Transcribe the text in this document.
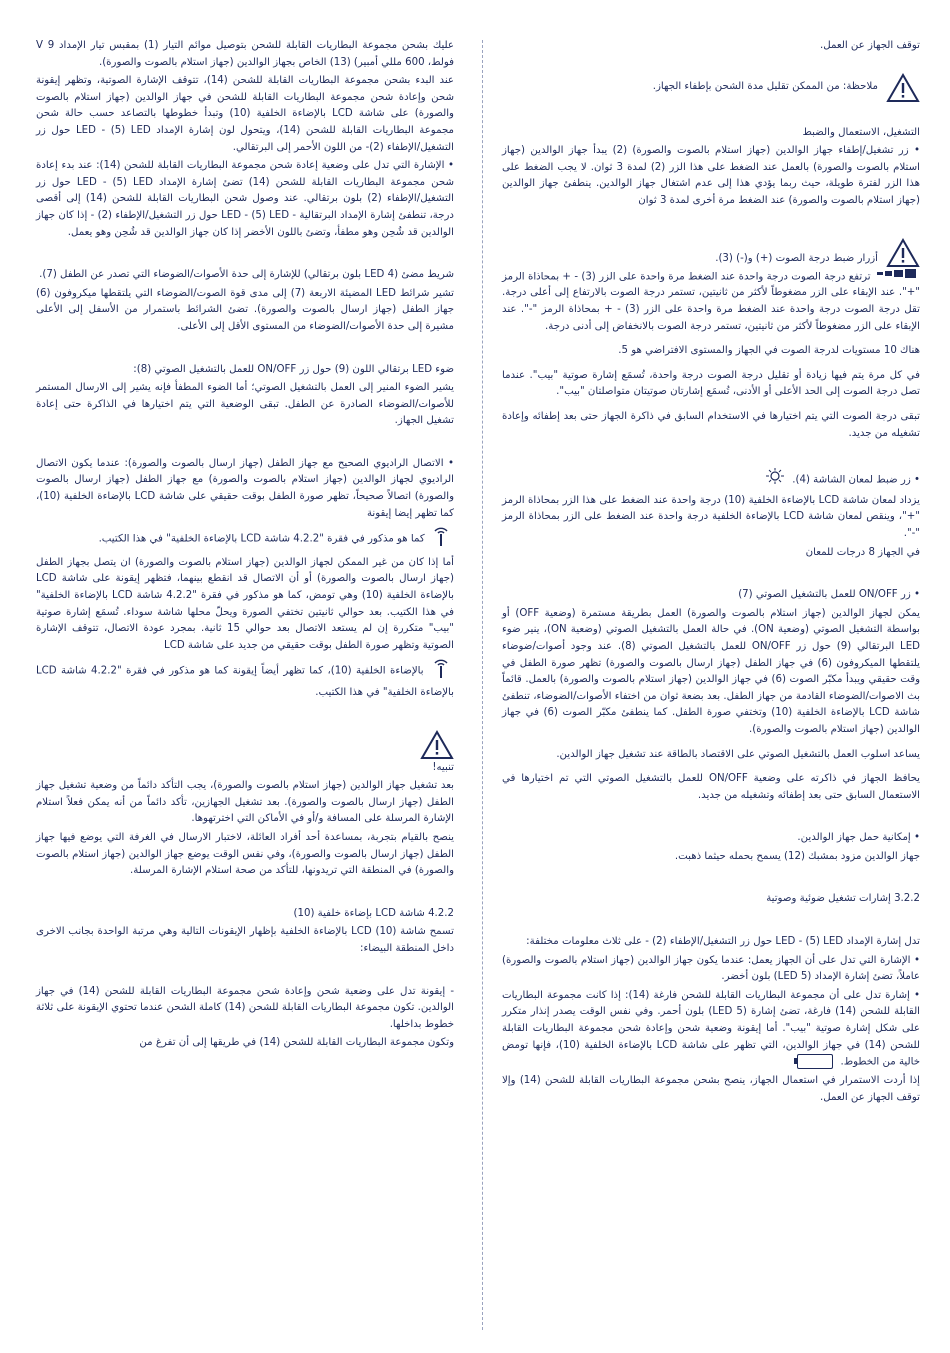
توقف الجهاز عن العمل.

ملاحظة: من الممكن تقليل مدة الشحن بإطفاء الجهاز.

التشغيل، الاستعمال والضبط

• زر تشغيل/إطفاء جهاز الوالدين (جهاز استلام بالصوت والصورة) (2) يبدأ جهاز الوالدين (جهاز استلام بالصوت والصورة) بالعمل عند الضغط على هذا الزر (2) لمدة 3 ثوان. لا يجب الضغط على هذا الزر لفترة طويلة، حيث ربما يؤدي هذا إلى عدم اشتغال جهاز الوالدين. ينطفئ جهاز الوالدين (جهاز استلام بالصوت والصورة) عند الضغط مرة أخرى لمدة 3 ثوان

أزرار ضبط درجة الصوت (+) و(-) (3).

ترتفع درجة الصوت درجة واحدة عند الضغط مرة واحدة على الزر (3) - + بمحاذاة الرمز "+". عند الإبقاء على الزر مضغوطاً لأكثر من ثانيتين، تستمر درجة الصوت بالارتفاع إلى أعلى درجة. تقل درجة الصوت درجة واحدة عند الضغط مرة واحدة على الزر (3) - + بمحاذاة الرمز "-". عند الإبقاء على الزر مضغوطاً لأكثر من ثانيتين، تستمر درجة الصوت بالانخفاض إلى أدنى درجة.

هناك 10 مستويات لدرجة الصوت في الجهاز والمستوى الافتراضي هو 5.

في كل مرة يتم فيها زيادة أو تقليل درجة الصوت درجة واحدة، تُسمَع إشارة صوتية "بيب". عندما تصل درجة الصوت إلى الحد الأعلى أو الأدنى، تُسمَع إشارتان صوتيتان متواصلتان "بيب".

تبقى درجة الصوت التي يتم اختيارها في الاستخدام السابق في ذاكرة الجهاز حتى بعد إطفائه وإعادة تشغيله من جديد.

• زر ضبط لمعان الشاشة (4).

يزداد لمعان شاشة LCD بالإضاءة الخلفية (10) درجة واحدة عند الضغط على هذا الزر بمحاذاة الرمز "+"، وينقص لمعان شاشة LCD بالإضاءة الخلفية درجة واحدة عند الضغط على الزر بمحاذاة الرمز "-".

في الجهاز 8 درجات للمعان

• زر ON/OFF للعمل بالتشغيل الصوتي (7)

يمكن لجهاز الوالدين (جهاز استلام بالصوت والصورة) العمل بطريقة مستمرة (وضعية OFF) أو بواسطة التشغيل الصوتي (وضعية ON). في حالة العمل بالتشغيل الصوتي (وضعية ON)، ينير ضوء LED البرتقالي (9) حول زر ON/OFF للعمل بالتشغيل الصوتي (8). عند وجود أصوات/ضوضاء يلتقطها الميكروفون (6) في جهاز الطفل (جهاز ارسال بالصوت والصورة) تظهر صورة الطفل في وقت حقيقي ويبدأ مكبّر الصوت (6) في جهاز الوالدين (جهاز استلام بالصوت والصورة) بالعمل. قائماً بث الاصوات/الضوضاء القادمة من جهاز الطفل. بعد بضعة ثوان من اختفاء الأصوات/الضوضاء، تنطفئ شاشة LCD بالإضاءة الخلفية (10) وتختفي صورة الطفل. كما ينطفئ مكبّر الصوت (6) في جهاز الوالدين (جهاز استلام بالصوت والصورة).

يساعد اسلوب العمل بالتشغيل الصوتي على الاقتصاد بالطاقة عند تشغيل جهاز الوالدين.

يحافظ الجهاز في ذاكرته على وضعية ON/OFF للعمل بالتشغيل الصوتي التي تم اختيارها في الاستعمال السابق حتى بعد إطفائه وتشغيله من جديد.

• إمكانية حمل جهاز الوالدين.

جهاز الوالدين مزود بمشبك (12) يسمح بحمله حيثما ذهبت.

3.2.2 إشارات تشغيل ضوئية وصوتية

تدل إشارة الإمداد LED - (5) LED حول زر التشغيل/الإطفاء (2) - على ثلاث معلومات مختلفة:

• الإشارة التي تدل على أن الجهاز يعمل: عندما يكون جهاز الوالدين (جهاز استلام بالصوت والصورة) عاملاً، تضئ إشارة الإمداد (5 LED) بلون أخضر.

• إشارة تدل على أن مجموعة البطاريات القابلة للشحن فارغة (14): إذا كانت مجموعة البطاريات القابلة للشحن (14) فارغة، تضئ إشارة (5 LED) بلون أحمر. وفي نفس الوقت يصدر إنذار متكرر على شكل إشارة صوتية "بيب". أما إيقونة وضعية شحن وإعادة شحن مجموعة البطاريات القابلة للشحن (14) في جهاز الوالدين، التي تظهر على شاشة LCD بالإضاءة الخلفية (10)، فإنها تومض خالية من الخطوط.

إذا أردت الاستمرار في استعمال الجهاز، ينصح بشحن مجموعة البطاريات القابلة للشحن (14) وإلا توقف الجهاز عن العمل.

عليك بشحن مجموعة البطاريات القابلة للشحن بتوصيل موائم التيار (1) بمقبس تيار الإمداد 9 V فولط، 600 مللي أمبير) (13) الخاص بجهاز الوالدين (جهاز استلام بالصوت والصورة).

عند البدء بشحن مجموعة البطاريات القابلة للشحن (14)، تتوقف الإشارة الصوتية، وتظهر إيقونة شحن وإعادة شحن مجموعة البطاريات القابلة للشحن في جهاز الوالدين (جهاز استلام بالصوت والصورة) على شاشة LCD بالإضاءة الخلفية (10) وتبدأ خطوطها بالتصاعد حسب حالة شحن مجموعة البطاريات القابلة للشحن (14)، ويتحول لون إشارة الإمداد LED - (5) LED حول زر التشغيل/الإطفاء (2)- من اللون الأحمر إلى البرتقالي.

• الإشارة التي تدل على وضعية إعادة شحن مجموعة البطاريات القابلة للشحن (14): عند بدء إعادة شحن مجموعة البطاريات القابلة للشحن (14) تضئ إشارة الإمداد LED - (5) LED حول زر التشغيل/الإطفاء (2) بلون برتقالي. عند وصول شحن البطاريات القابلة للشحن (14) إلى أقصى درجة، تنطفئ إشارة الإمداد البرتقالية - LED - (5) LED حول زر التشغيل/الإطفاء (2) - إذا كان جهاز الوالدين قد شُحِن وهو مطفأ، وتضئ باللون الأخضر إذا كان جهاز الوالدين قد شُحِن وهو يعمل.

شريط مضئ (4 LED بلون برتقالي) للإشارة إلى حدة الأصوات/الضوضاء التي تصدر عن الطفل (7).

تشير شرائط LED المضيئة الاربعة (7) إلى مدى قوة الصوت/الضوضاء التي يلتقطها ميكروفون (6) جهاز الطفل (جهاز ارسال بالصوت والصورة). تضئ الشرائط باستمرار من الأسفل إلى الأعلى مشيرة إلى حدة الأصوات/الضوضاء من المستوى الأقل إلى الأعلى.

ضوء LED برتقالي اللون (9) حول زر ON/OFF للعمل بالتشغيل الصوتي (8):

يشير الضوء المنير إلى العمل بالتشغيل الصوتي؛ أما الضوء المطفأ فإنه يشير إلى الارسال المستمر للأصوات/الضوضاء الصادرة عن الطفل. تبقى الوضعية التي يتم اختيارها في الذاكرة حتى إعادة تشغيل الجهاز.

• الاتصال الراديوي الصحيح مع جهاز الطفل (جهاز ارسال بالصوت والصورة): عندما يكون الاتصال الراديوي لجهاز الوالدين (جهاز استلام بالصوت والصورة) مع جهاز الطفل (جهاز ارسال بالصوت والصورة) اتصالاً صحيحاً، تظهر صورة الطفل بوقت حقيقي على شاشة LCD بالإضاءة الخلفية (10)، كما تظهر إيضا إيقونة

كما هو مذكور في فقرة "4.2.2 شاشة LCD بالإضاءة الخلفية" في هذا الكتيب.

أما إذا كان من غير الممكن لجهاز الوالدين (جهاز استلام بالصوت والصورة) ان يتصل بجهاز الطفل (جهاز ارسال بالصوت والصورة) أو أن الاتصال قد انقطع بينهما، فتظهر إيقونة على شاشة LCD بالإضاءة الخلفية (10) وهي تومض، كما هو مذكور في فقرة "4.2.2 شاشة LCD بالإضاءة الخلفية" في هذا الكتيب. بعد حوالي ثانيتين تختفي الصورة ويحلّ محلها شاشة سوداء. تُسمَع إشارة صوتية "بيب" متكررة إن لم يستعد الاتصال بعد حوالي 15 ثانية. بمجرد عودة الاتصال، تتوقف الإشارة الصوتية وتظهر صورة الطفل بوقت حقيقي من جديد على شاشة LCD

بالإضاءة الخلفية (10)، كما تظهر أيضاً إيقونة كما هو مذكور في فقرة "4.2.2 شاشة LCD بالإضاءة الخلفية" في هذا الكتيب.

تنبيه!

بعد تشغيل جهاز الوالدين (جهاز استلام بالصوت والصورة)، يجب التأكد دائماً من وضعية تشغيل جهاز الطفل (جهاز ارسال بالصوت والصورة). بعد تشغيل الجهازين، تأكد دائماً من أنه يمكن فعلاً استلام الإشارة المرسلة على المسافة و/أو في الأماكن التي اخترتهوها.

ينصح بالقيام بتجربة، بمساعدة أحد أفراد العائلة، لاختبار الارسال في الغرفة التي يوضع فيها جهاز الطفل (جهاز ارسال بالصوت والصورة)، وفي نفس الوقت يوضع جهاز الوالدين (جهاز استلام بالصوت والصورة) في المنطقة التي تريدونها، للتأكد من صحة استلام الإشارة المرسلة.

4.2.2 شاشة LCD بإضاءة خلفية (10)

تسمح شاشة LCD (10) بالإضاءة الخلفية بإظهار الإيقونات التالية وهي مرتبة الواحدة بجانب الاخرى داخل المنطقة البيضاء:

- إيقونة تدل على وضعية شحن وإعادة شحن مجموعة البطاريات القابلة للشحن (14) في جهاز الوالدين. تكون مجموعة البطاريات القابلة للشحن (14) كاملة الشحن عندما تحتوي الإيقونة على ثلاثة خطوط بداخلها.

وتكون مجموعة البطاريات القابلة للشحن (14) في طريقها إلى أن تفرغ من
